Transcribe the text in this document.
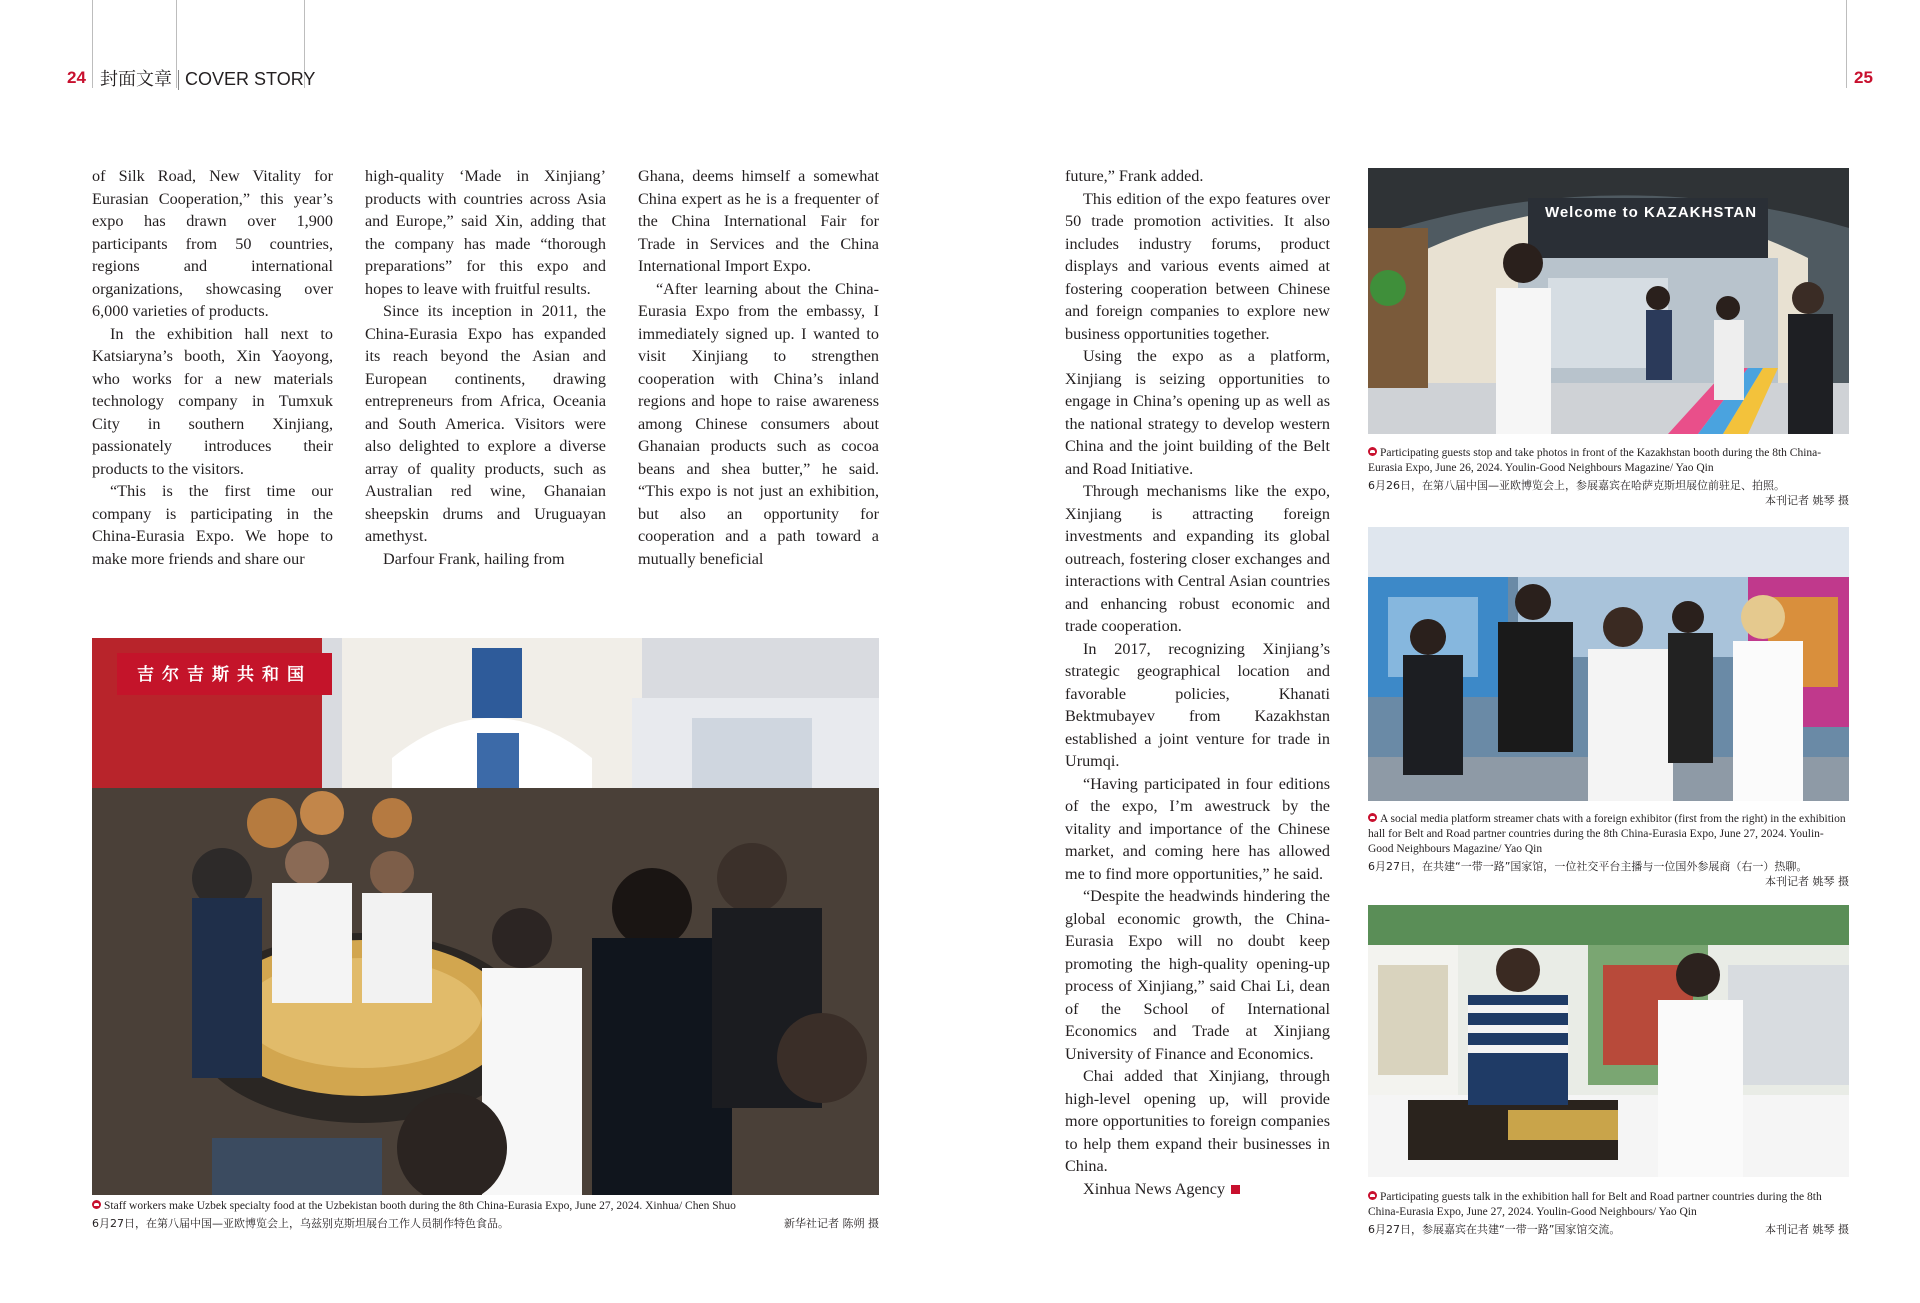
24 封面文章 COVER STORY	25

of Silk Road, New Vitality for Eurasian Cooperation,” this year’s expo has drawn over 1,900 participants from 50 countries, regions and international organizations, showcasing over 6,000 varieties of products.

In the exhibition hall next to Katsiaryna’s booth, Xin Yaoyong, who works for a new materials technology company in Tumxuk City in southern Xinjiang, passionately introduces their products to the visitors.

“This is the first time our company is participating in the China-Eurasia Expo. We hope to make more friends and share our

high-quality ‘Made in Xinjiang’ products with countries across Asia and Europe,” said Xin, adding that the company has made “thorough preparations” for this expo and hopes to leave with fruitful results.

Since its inception in 2011, the China-Eurasia Expo has expanded its reach beyond the Asian and European continents, drawing entrepreneurs from Africa, Oceania and South America. Visitors were also delighted to explore a diverse array of quality products, such as Australian red wine, Ghanaian sheepskin drums and Uruguayan amethyst.

Darfour Frank, hailing from

Ghana, deems himself a somewhat China expert as he is a frequenter of the China International Fair for Trade in Services and the China International Import Expo.

“After learning about the China-Eurasia Expo from the embassy, I immediately signed up. I wanted to visit Xinjiang to strengthen cooperation with China’s inland regions and hope to raise awareness among Chinese consumers about Ghanaian products such as cocoa beans and shea butter,” he said. “This expo is not just an exhibition, but also an opportunity for cooperation and a path toward a mutually beneficial

吉尔吉斯共和国
Staff workers make Uzbek specialty food at the Uzbekistan booth during the 8th China-Eurasia Expo, June 27, 2024. Xinhua/ Chen Shuo
6月27日，在第八届中国—亚欧博览会上，乌兹别克斯坦展台工作人员制作特色食品。	新华社记者 陈朔 摄

future,” Frank added.

This edition of the expo features over 50 trade promotion activities. It also includes industry forums, product displays and various events aimed at fostering cooperation between Chinese and foreign companies to explore new business opportunities together.

Using the expo as a platform, Xinjiang is seizing opportunities to engage in China’s opening up as well as the national strategy to develop western China and the joint building of the Belt and Road Initiative.

Through mechanisms like the expo, Xinjiang is attracting foreign investments and expanding its global outreach, fostering closer exchanges and interactions with Central Asian countries and enhancing robust economic and trade cooperation.

In 2017, recognizing Xinjiang’s strategic geographical location and favorable policies, Khanati Bektmubayev from Kazakhstan established a joint venture for trade in Urumqi.

“Having participated in four editions of the expo, I’m awestruck by the vitality and importance of the Chinese market, and coming here has allowed me to find more opportunities,” he said.

“Despite the headwinds hindering the global economic growth, the China-Eurasia Expo will no doubt keep promoting the high-quality opening-up process of Xinjiang,” said Chai Li, dean of the School of International Economics and Trade at Xinjiang University of Finance and Economics.

Chai added that Xinjiang, through high-level opening up, will provide more opportunities to foreign companies to help them expand their businesses in China.

Xinhua News Agency

Welcome to KAZAKHSTAN
Participating guests stop and take photos in front of the Kazakhstan booth during the 8th China-Eurasia Expo, June 26, 2024. Youlin-Good Neighbours Magazine/ Yao Qin
6月26日，在第八届中国—亚欧博览会上，参展嘉宾在哈萨克斯坦展位前驻足、拍照。
本刊记者 姚琴 摄
A social media platform streamer chats with a foreign exhibitor (first from the right) in the exhibition hall for Belt and Road partner countries during the 8th China-Eurasia Expo, June 27, 2024. Youlin-Good Neighbours Magazine/ Yao Qin
6月27日，在共建“一带一路”国家馆，一位社交平台主播与一位国外参展商（右一）热聊。
本刊记者 姚琴 摄
Participating guests talk in the exhibition hall for Belt and Road partner countries during the 8th China-Eurasia Expo, June 27, 2024. Youlin-Good Neighbours/ Yao Qin
6月27日，参展嘉宾在共建“一带一路”国家馆交流。	本刊记者 姚琴 摄
